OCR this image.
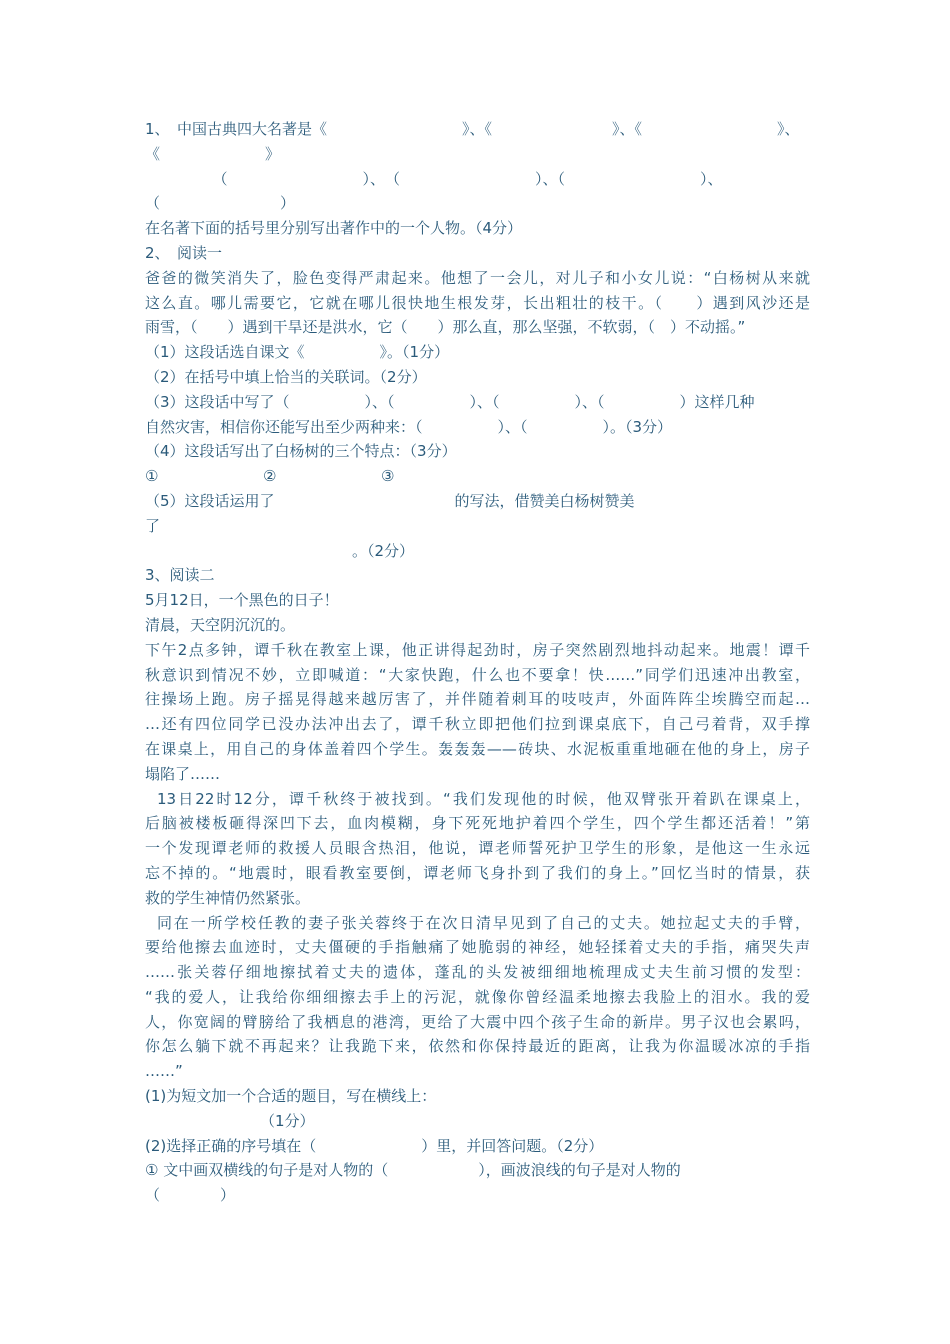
1、　中国古典四大名著是《　　　　　　　　　》、《　　　　　　　　》、《　　　　　　　　　》、
《　　　　　　　》
　　　　　（　　　　　　　　　）、　（　　　　　　　　　）、（　　　　　　　　　）、
（　　　　　　　　）
在名著下面的括号里分别写出著作中的一个人物。（4分）
2、　阅读一
爸爸的微笑消失了，脸色变得严肃起来。他想了一会儿，对儿子和小女儿说：“白杨树从来就
这么直。哪儿需要它，它就在哪儿很快地生根发芽，长出粗壮的枝干。（　　）遇到风沙还是
雨雪，（　　）遇到干旱还是洪水，它（　　）那么直，那么坚强，不软弱，（　）不动摇。”
（1）这段话选自课文《　　　　　》。（1分）
（2）在括号中填上恰当的关联词。（2分）
（3）这段话中写了（　　　　　）、（　　　　　）、（　　　　　）、（　　　　　）这样几种
自然灾害，相信你还能写出至少两种来：（　　　　　）、（　　　　　）。（3分）
（4）这段话写出了白杨树的三个特点：（3分）
①	②	③
（5）这段话运用了　　　　　　　　　　　　的写法，借赞美白杨树赞美
了
。（2分）
3、阅读二
5月12日，一个黑色的日子！
清晨，天空阴沉沉的。
下午2点多钟，谭千秋在教室上课，他正讲得起劲时，房子突然剧烈地抖动起来。地震！谭千
秋意识到情况不妙，立即喊道：“大家快跑，什么也不要拿！快……”同学们迅速冲出教室，
往操场上跑。房子摇晃得越来越厉害了，并伴随着刺耳的吱吱声，外面阵阵尘埃腾空而起…
…还有四位同学已没办法冲出去了，谭千秋立即把他们拉到课桌底下，自己弓着背，双手撑
在课桌上，用自己的身体盖着四个学生。轰轰轰——砖块、水泥板重重地砸在他的身上，房子
塌陷了……
13日22时12分，谭千秋终于被找到。“我们发现他的时候，他双臂张开着趴在课桌上，
后脑被楼板砸得深凹下去，血肉模糊，身下死死地护着四个学生，四个学生都还活着！”第
一个发现谭老师的救援人员眼含热泪，他说，谭老师誓死护卫学生的形象，是他这一生永远
忘不掉的。“地震时，眼看教室要倒，谭老师飞身扑到了我们的身上。”回忆当时的情景，获
救的学生神情仍然紧张。
同在一所学校任教的妻子张关蓉终于在次日清早见到了自己的丈夫。她拉起丈夫的手臂，
要给他擦去血迹时，丈夫僵硬的手指触痛了她脆弱的神经，她轻揉着丈夫的手指，痛哭失声
……张关蓉仔细地擦拭着丈夫的遗体，蓬乱的头发被细细地梳理成丈夫生前习惯的发型：
“我的爱人，让我给你细细擦去手上的污泥，就像你曾经温柔地擦去我脸上的泪水。我的爱
人，你宽阔的臂膀给了我栖息的港湾，更给了大震中四个孩子生命的新岸。男子汉也会累吗，
你怎么躺下就不再起来？让我跪下来，依然和你保持最近的距离，让我为你温暖冰凉的手指
……”
(1)为短文加一个合适的题目，写在横线上：
（1分）
(2)选择正确的序号填在（　　　　　　　）里，并回答问题。（2分）
① 文中画双横线的句子是对人物的（　　　　　　），画波浪线的句子是对人物的
（　　　　）
